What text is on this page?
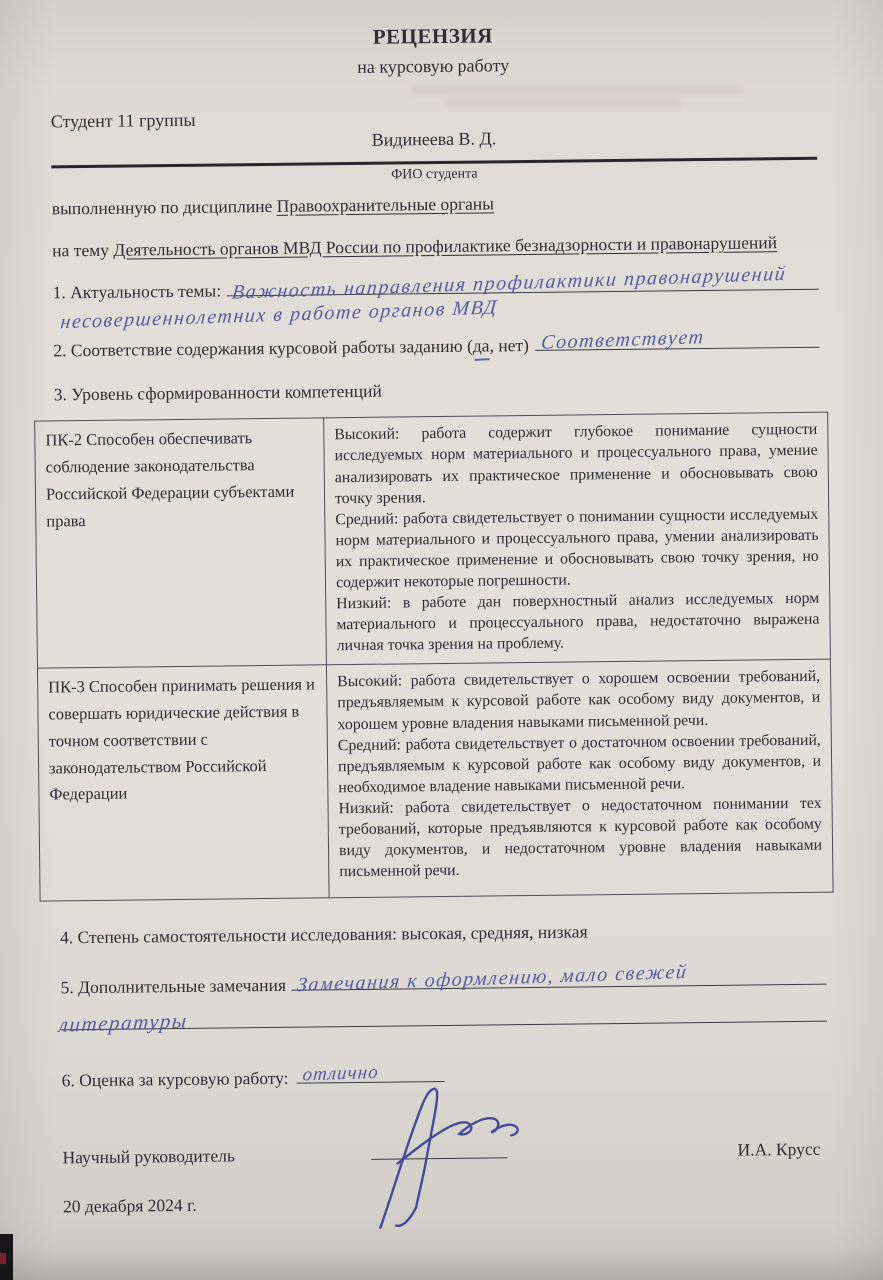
РЕЦЕНЗИЯ
на курсовую работу
Студент 11 группы
Видинеева В. Д.
ФИО студента

выполненную по дисциплине Правоохранительные органы

на тему Деятельность органов МВД России по профилактике безнадзорности и правонарушений

1. Актуальность темы: Важность направления профилактики правонарушений
несовершеннолетних в работе органов МВД
2. Соответствие содержания курсовой работы заданию (да, нет) Соответствует

3. Уровень сформированности компетенций

ПК-2 Способен обеспечивать соблюдение законодательства Российской Федерации субъектами права	Высокий: работа содержит глубокое понимание сущности исследуемых норм материального и процессуального права, умение анализировать их практическое применение и обосновывать свою точку зрения.

Средний: работа свидетельствует о понимании сущности исследуемых норм материального и процессуального права, умении анализировать их практическое применение и обосновывать свою точку зрения, но содержит некоторые погрешности.

Низкий: в работе дан поверхностный анализ исследуемых норм материального и процессуального права, недостаточно выражена личная точка зрения на проблему.

ПК-3 Способен принимать решения и совершать юридические действия в точном соответствии с законодательством Российской Федерации	Высокий: работа свидетельствует о хорошем освоении требований, предъявляемым к курсовой работе как особому виду документов, и хорошем уровне владения навыками письменной речи.

Средний: работа свидетельствует о достаточном освоении требований, предъявляемым к курсовой работе как особому виду документов, и необходимое владение навыками письменной речи.

Низкий: работа свидетельствует о недостаточном понимании тех требований, которые предъявляются к курсовой работе как особому виду документов, и недостаточном уровне владения навыками письменной речи.

4. Степень самостоятельности исследования: высокая, средняя, низкая

5. Дополнительные замечания Замечания к оформлению, мало свежей
литературы
6. Оценка за курсовую работу: отлично
Научный руководитель	И.А. Крусс

20 декабря 2024 г.
